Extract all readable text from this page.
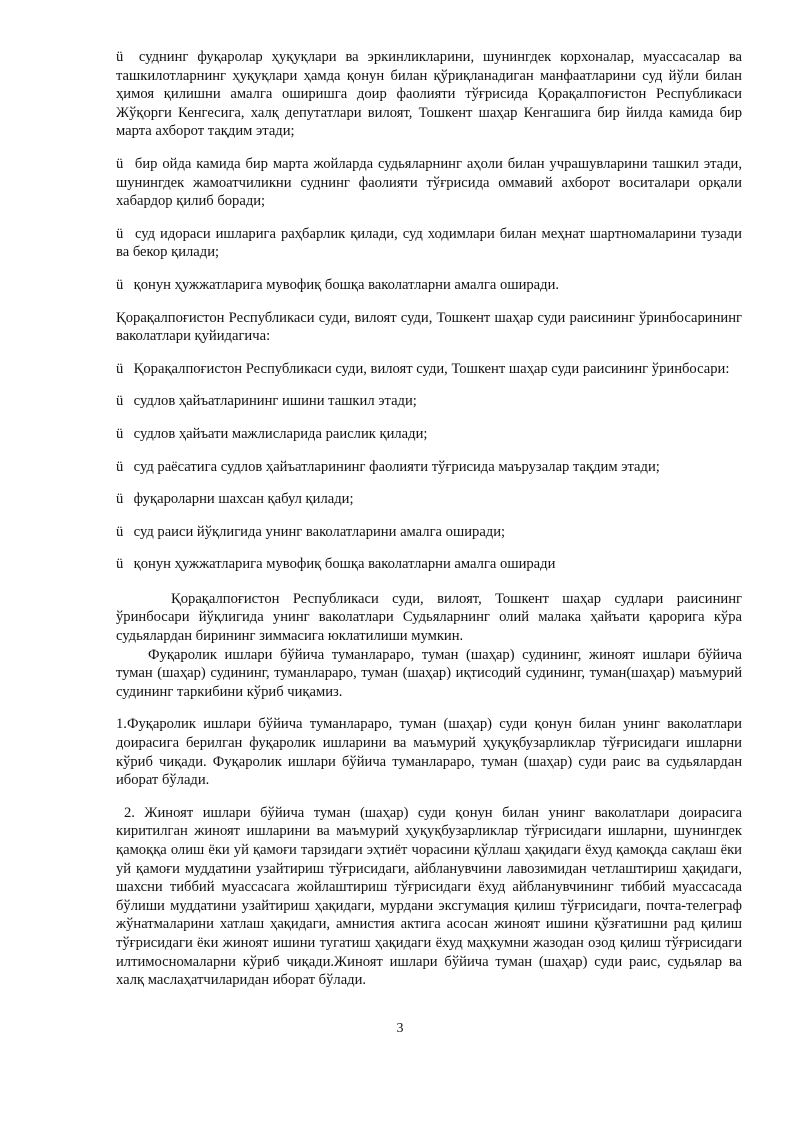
ü суднинг фуқаролар ҳуқуқлари ва эркинликларини, шунингдек корхоналар, муассасалар ва ташкилотларнинг ҳуқуқлари ҳамда қонун билан қўриқланадиган манфаатларини суд йўли билан ҳимоя қилишни амалга оширишга доир фаолияти тўғрисида Қорақалпоғистон Республикаси Жўқорги Кенгесига, халқ депутатлари вилоят, Тошкент шаҳар Кенгашига бир йилда камида бир марта ахборот тақдим этади;

ü бир ойда камида бир марта жойларда судьяларнинг аҳоли билан учрашувларини ташкил этади, шунингдек жамоатчиликни суднинг фаолияти тўғрисида оммавий ахборот воситалари орқали хабардор қилиб боради;

ü суд идораси ишларига раҳбарлик қилади, суд ходимлари билан меҳнат шартномаларини тузади ва бекор қилади;

ü қонун ҳужжатларига мувофиқ бошқа ваколатларни амалга оширади.

Қорақалпоғистон Республикаси суди, вилоят суди, Тошкент шаҳар суди раисининг ўринбосарининг ваколатлари қуйидагича:

ü Қорақалпоғистон Республикаси суди, вилоят суди, Тошкент шаҳар суди раисининг ўринбосари:

ü судлов ҳайъатларининг ишини ташкил этади;

ü судлов ҳайъати мажлисларида раислик қилади;

ü суд раёсатига судлов ҳайъатларининг фаолияти тўғрисида маърузалар тақдим этади;

ü фуқароларни шахсан қабул қилади;

ü суд раиси йўқлигида унинг ваколатларини амалга оширади;

ü қонун ҳужжатларига мувофиқ бошқа ваколатларни амалга оширади

Қорақалпоғистон Республикаси суди, вилоят, Тошкент шаҳар судлари раисининг ўринбосари йўқлигида унинг ваколатлари Судьяларнинг олий малака ҳайъати қарорига кўра судьялардан бирининг зиммасига юклатилиши мумкин.

Фуқаролик ишлари бўйича туманлараро, туман (шаҳар) судининг, жиноят ишлари бўйича туман (шаҳар) судининг, туманлараро, туман (шаҳар) иқтисодий судининг, туман(шаҳар) маъмурий судининг таркибини кўриб чиқамиз.

1.Фуқаролик ишлари бўйича туманлараро, туман (шаҳар) суди қонун билан унинг ваколатлари доирасига берилган фуқаролик ишларини ва маъмурий ҳуқуқбузарликлар тўғрисидаги ишларни кўриб чиқади. Фуқаролик ишлари бўйича туманлараро, туман (шаҳар) суди раис ва судьялардан иборат бўлади.

2. Жиноят ишлари бўйича туман (шаҳар) суди қонун билан унинг ваколатлари доирасига киритилган жиноят ишларини ва маъмурий ҳуқуқбузарликлар тўғрисидаги ишларни, шунингдек қамоққа олиш ёки уй қамоғи тарзидаги эҳтиёт чорасини қўллаш ҳақидаги ёхуд қамоқда сақлаш ёки уй қамоғи муддатини узайтириш тўғрисидаги, айбланувчини лавозимидан четлаштириш ҳақидаги, шахсни тиббий муассасага жойлаштириш тўғрисидаги ёхуд айбланувчининг тиббий муассасада бўлиши муддатини узайтириш ҳақидаги, мурдани эксгумация қилиш тўғрисидаги, почта-телеграф жўнатмаларини хатлаш ҳақидаги, амнистия актига асосан жиноят ишини қўзғатишни рад қилиш тўғрисидаги ёки жиноят ишини тугатиш ҳақидаги ёхуд маҳкумни жазодан озод қилиш тўғрисидаги илтимосномаларни кўриб чиқади.Жиноят ишлари бўйича туман (шаҳар) суди раис, судьялар ва халқ маслаҳатчиларидан иборат бўлади.

3
